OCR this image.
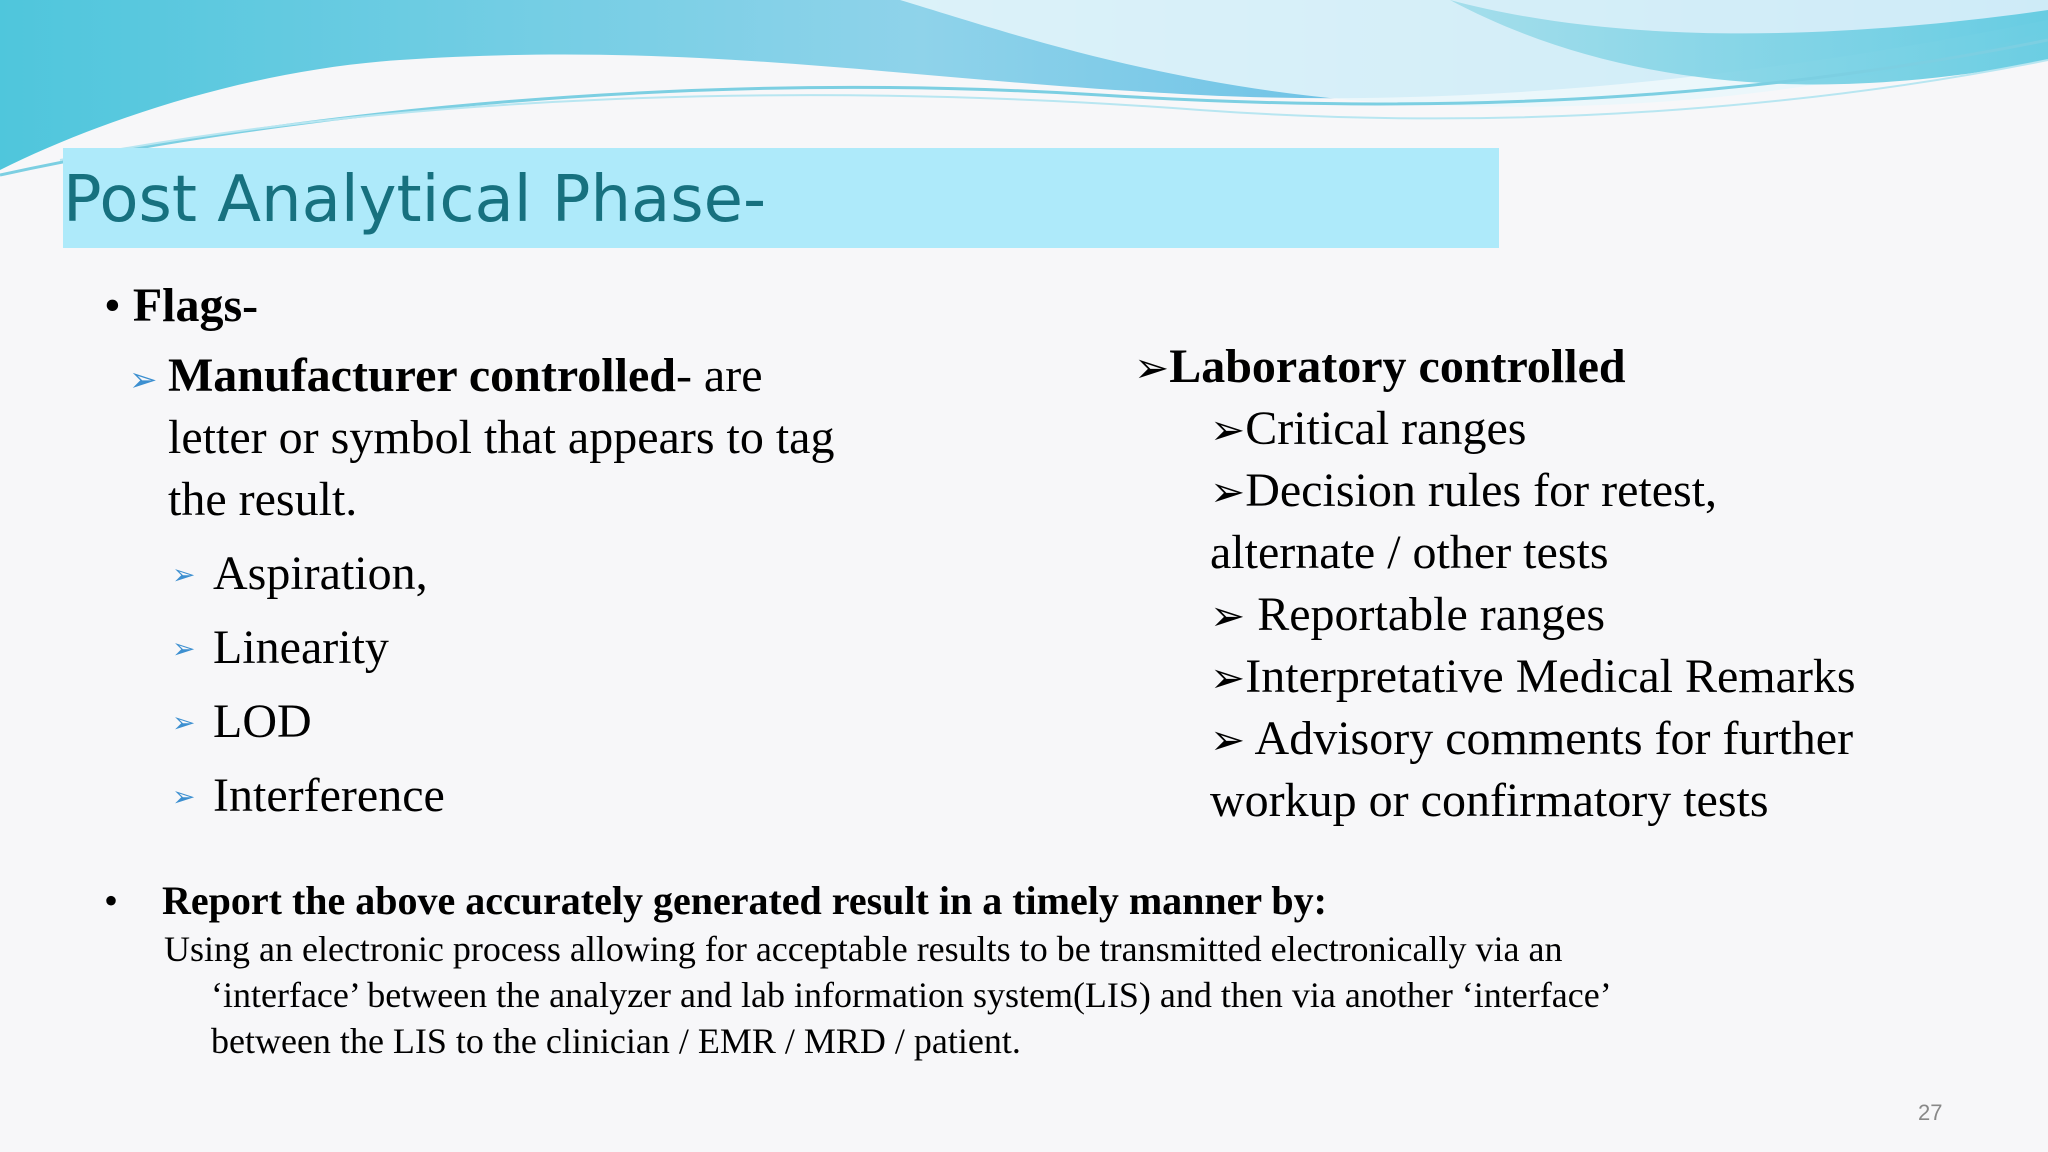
Post Analytical Phase-
• Flags-
➢ Manufacturer controlled- are
letter or symbol that appears to tag
the result.
➢ Aspiration,
➢ Linearity
➢ LOD
➢ Interference
➢Laboratory controlled
➢Critical ranges
➢Decision rules for retest,
alternate / other tests
➢ Reportable ranges
➢Interpretative Medical Remarks
➢ Advisory comments for further
workup or confirmatory tests
• Report the above accurately generated result in a timely manner by:
Using an electronic process allowing for acceptable results to be transmitted electronically via an
‘interface’ between the analyzer and lab information system(LIS) and then via another ‘interface’
between the LIS to the clinician / EMR / MRD / patient.
27
